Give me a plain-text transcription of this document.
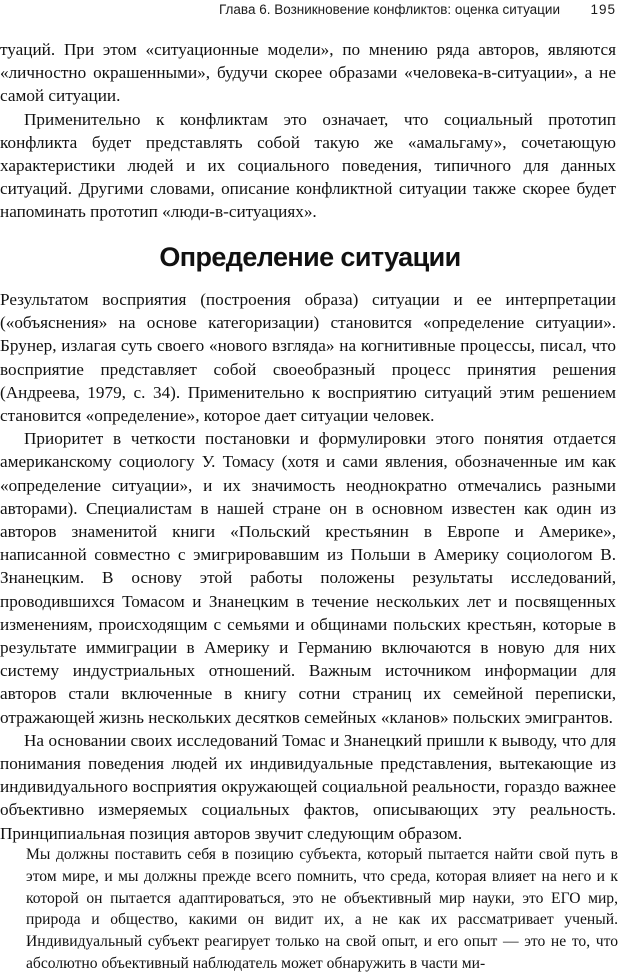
Глава 6. Возникновение конфликтов: оценка ситуации 195

туаций. При этом «ситуационные модели», по мнению ряда авторов, являются «личностно окрашенными», будучи скорее образами «человека-в-ситуации», а не самой ситуации.

Применительно к конфликтам это означает, что социальный прототип конфликта будет представлять собой такую же «амальгаму», сочетающую характеристики людей и их социального поведения, типичного для данных ситуаций. Другими словами, описание конфликтной ситуации также скорее будет напоминать прототип «люди-в-ситуациях».

Определение ситуации

Результатом восприятия (построения образа) ситуации и ее интерпретации («объяснения» на основе категоризации) становится «определение ситуации». Брунер, излагая суть своего «нового взгляда» на когнитивные процессы, писал, что восприятие представляет собой своеобразный процесс принятия решения (Андреева, 1979, с. 34). Применительно к восприятию ситуаций этим решением становится «определение», которое дает ситуации человек.

Приоритет в четкости постановки и формулировки этого понятия отдается американскому социологу У. Томасу (хотя и сами явления, обозначенные им как «определение ситуации», и их значимость неоднократно отмечались разными авторами). Специалистам в нашей стране он в основном известен как один из авторов знаменитой книги «Польский крестьянин в Европе и Америке», написанной совместно с эмигрировавшим из Польши в Америку социологом В. Знанецким. В основу этой работы положены результаты исследований, проводившихся Томасом и Знанецким в течение нескольких лет и посвященных изменениям, происходящим с семьями и общинами польских крестьян, которые в результате иммиграции в Америку и Германию включаются в новую для них систему индустриальных отношений. Важным источником информации для авторов стали включенные в книгу сотни страниц их семейной переписки, отражающей жизнь нескольких десятков семейных «кланов» польских эмигрантов.

На основании своих исследований Томас и Знанецкий пришли к выводу, что для понимания поведения людей их индивидуальные представления, вытекающие из индивидуального восприятия окружающей социальной реальности, гораздо важнее объективно измеряемых социальных фактов, описывающих эту реальность. Принципиальная позиция авторов звучит следующим образом.

Мы должны поставить себя в позицию субъекта, который пытается найти свой путь в этом мире, и мы должны прежде всего помнить, что среда, которая влияет на него и к которой он пытается адаптироваться, это не объективный мир науки, это ЕГО мир, природа и общество, какими он видит их, а не как их рассматривает ученый. Индивидуальный субъект реагирует только на свой опыт, и его опыт — это не то, что абсолютно объективный наблюдатель может обнаружить в части ми-
